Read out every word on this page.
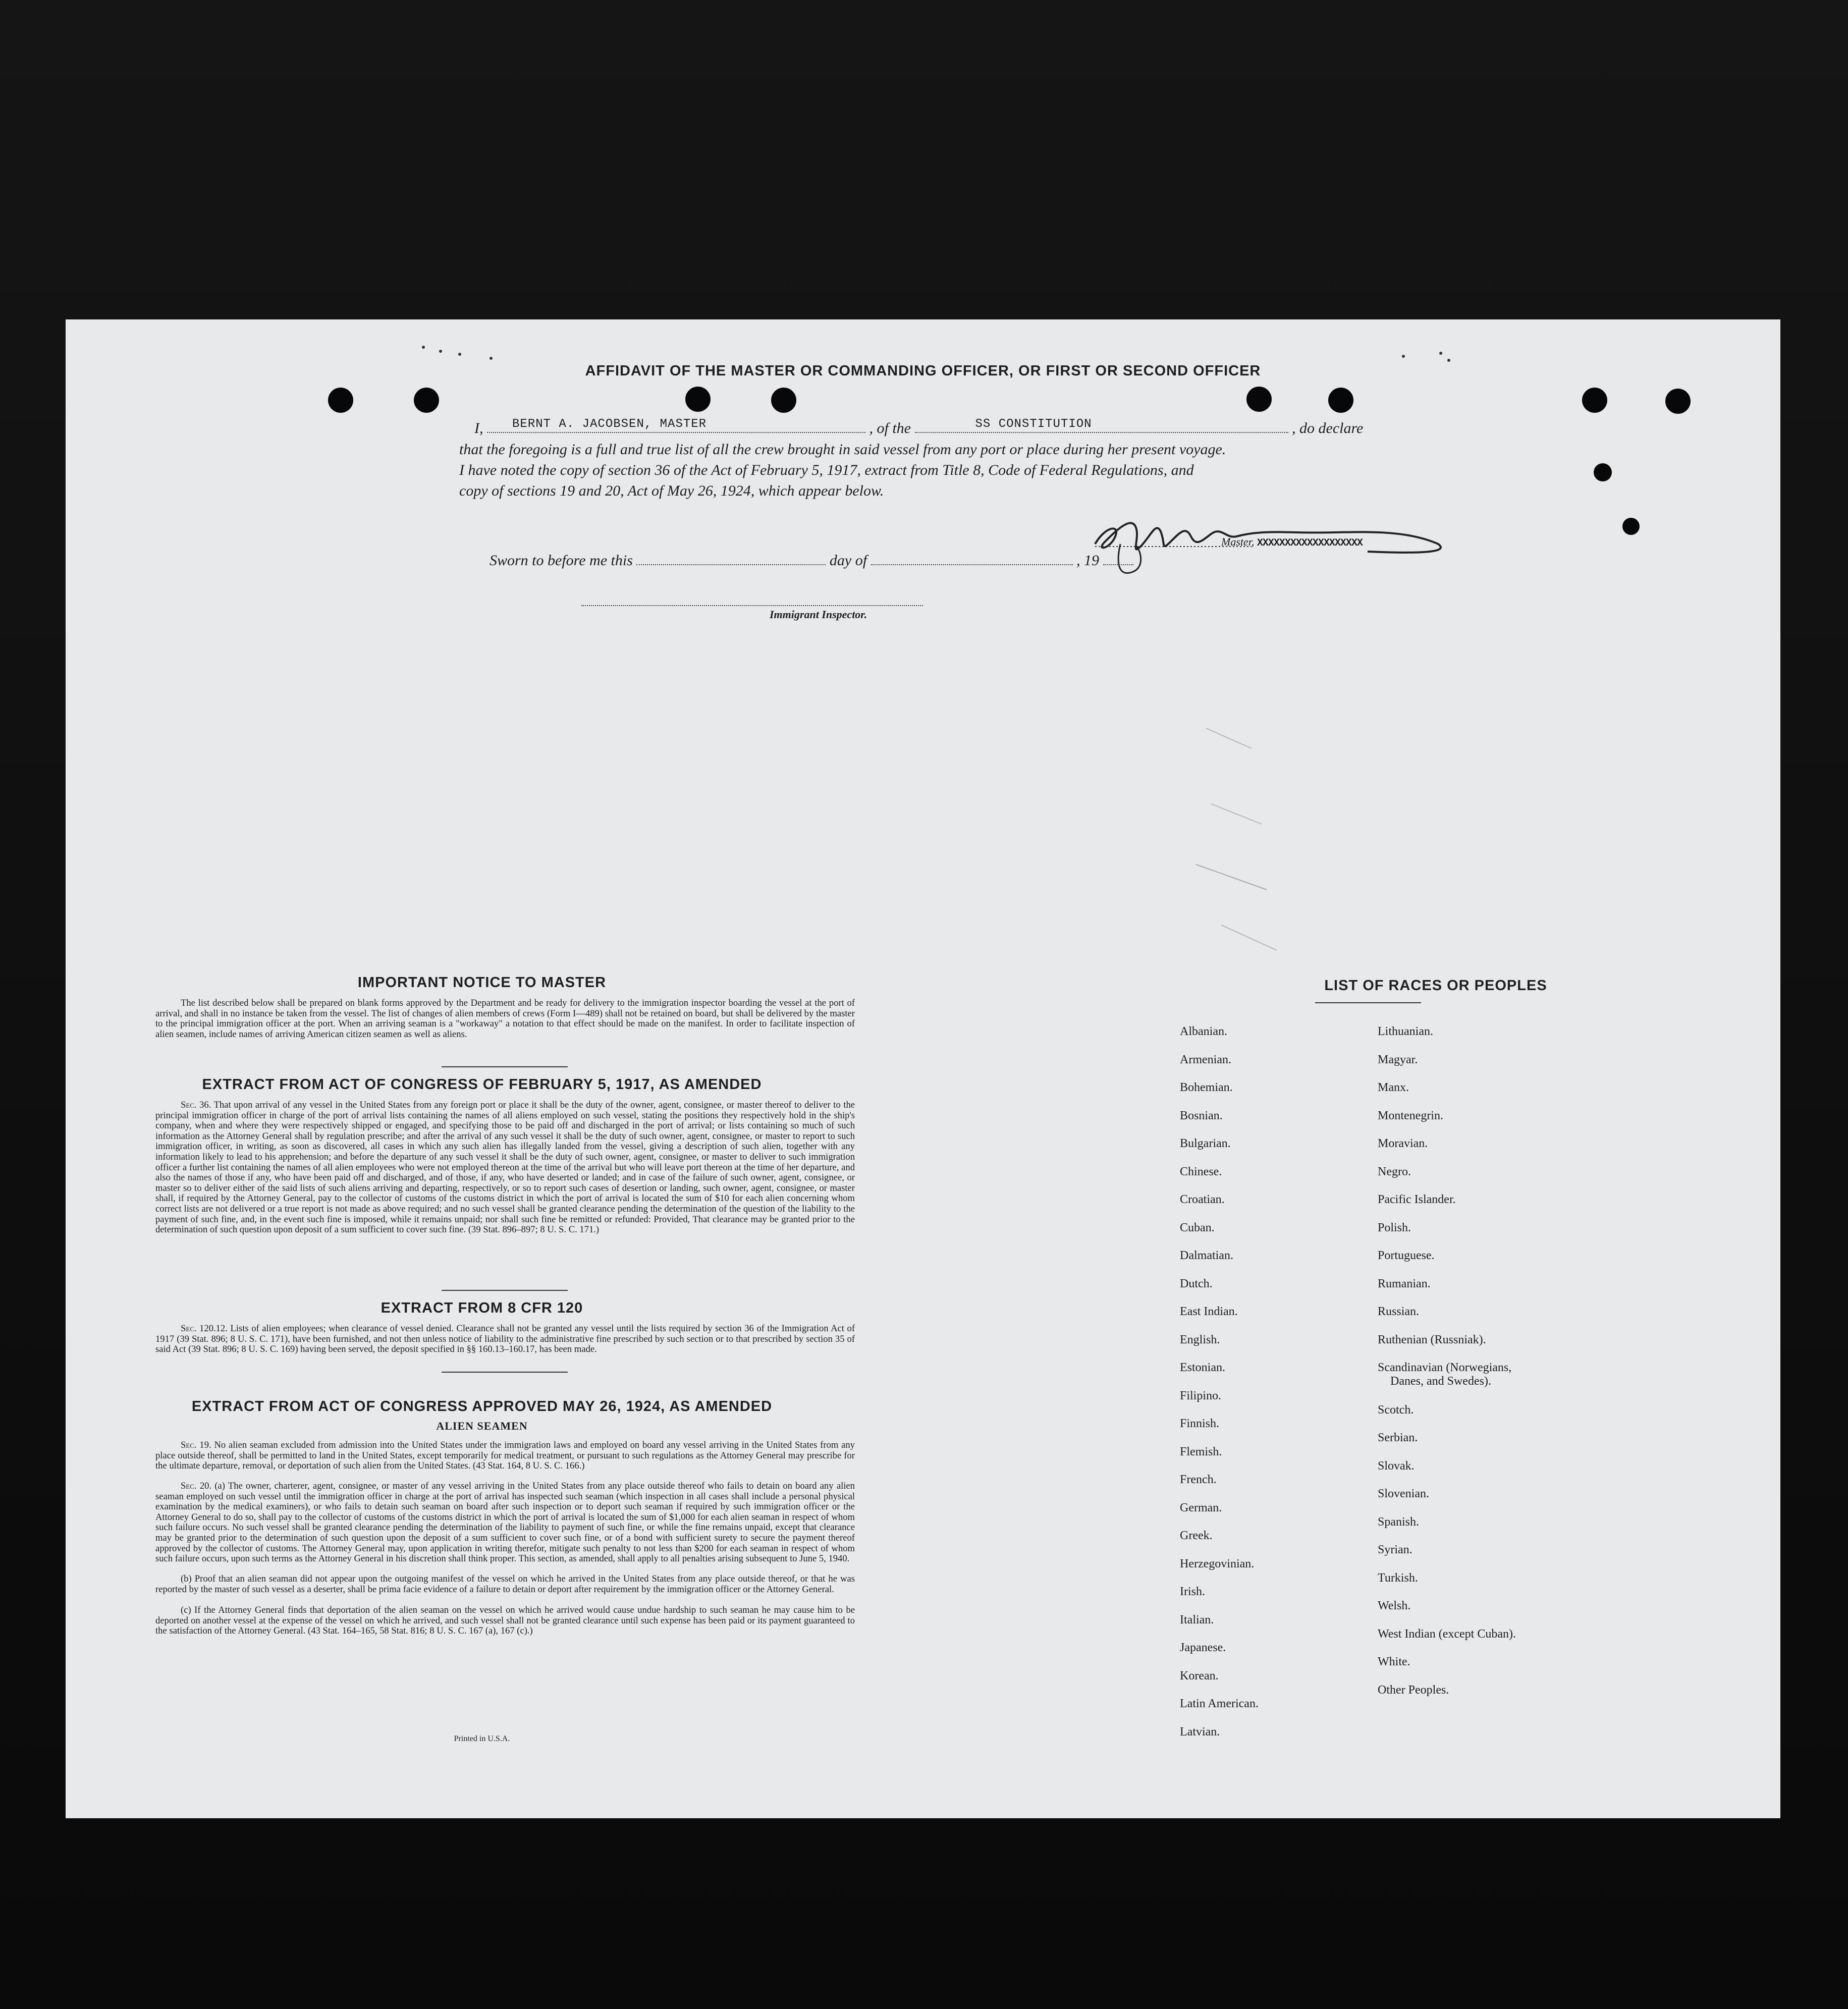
AFFIDAVIT OF THE MASTER OR COMMANDING OFFICER, OR FIRST OR SECOND OFFICER
I, BERNT A. JACOBSEN, MASTER	, of the	SS CONSTITUTION	, do declare
that the foregoing is a full and true list of all the crew brought in said vessel from any port or place during her present voyage.
I have noted the copy of section 36 of the Act of February 5, 1917, extract from Title 8, Code of Federal Regulations, and
copy of sections 19 and 20, Act of May 26, 1924, which appear below.
Master, XXXXXXXXXXXXXXXXXXX
Sworn to before me this	day of	, 19
Immigrant Inspector.
IMPORTANT NOTICE TO MASTER

The list described below shall be prepared on blank forms approved by the Department and be ready for delivery to the immigration inspector boarding the vessel at the port of arrival, and shall in no instance be taken from the vessel. The list of changes of alien members of crews (Form I—489) shall not be retained on board, but shall be delivered by the master to the principal immigration officer at the port. When an arriving seaman is a "workaway" a notation to that effect should be made on the manifest. In order to facilitate inspection of alien seamen, include names of arriving American citizen seamen as well as aliens.

EXTRACT FROM ACT OF CONGRESS OF FEBRUARY 5, 1917, AS AMENDED

Sec. 36. That upon arrival of any vessel in the United States from any foreign port or place it shall be the duty of the owner, agent, consignee, or master thereof to deliver to the principal immigration officer in charge of the port of arrival lists containing the names of all aliens employed on such vessel, stating the positions they respectively hold in the ship's company, when and where they were respectively shipped or engaged, and specifying those to be paid off and discharged in the port of arrival; or lists containing so much of such information as the Attorney General shall by regulation prescribe; and after the arrival of any such vessel it shall be the duty of such owner, agent, consignee, or master to report to such immigration officer, in writing, as soon as discovered, all cases in which any such alien has illegally landed from the vessel, giving a description of such alien, together with any information likely to lead to his apprehension; and before the departure of any such vessel it shall be the duty of such owner, agent, consignee, or master to deliver to such immigration officer a further list containing the names of all alien employees who were not employed thereon at the time of the arrival but who will leave port thereon at the time of her departure, and also the names of those if any, who have been paid off and discharged, and of those, if any, who have deserted or landed; and in case of the failure of such owner, agent, consignee, or master so to deliver either of the said lists of such aliens arriving and departing, respectively, or so to report such cases of desertion or landing, such owner, agent, consignee, or master shall, if required by the Attorney General, pay to the collector of customs of the customs district in which the port of arrival is located the sum of $10 for each alien concerning whom correct lists are not delivered or a true report is not made as above required; and no such vessel shall be granted clearance pending the determination of the question of the liability to the payment of such fine, and, in the event such fine is imposed, while it remains unpaid; nor shall such fine be remitted or refunded: Provided, That clearance may be granted prior to the determination of such question upon deposit of a sum sufficient to cover such fine. (39 Stat. 896–897; 8 U. S. C. 171.)

EXTRACT FROM 8 CFR 120

Sec. 120.12. Lists of alien employees; when clearance of vessel denied. Clearance shall not be granted any vessel until the lists required by section 36 of the Immigration Act of 1917 (39 Stat. 896; 8 U. S. C. 171), have been furnished, and not then unless notice of liability to the administrative fine prescribed by such section or to that prescribed by section 35 of said Act (39 Stat. 896; 8 U. S. C. 169) having been served, the deposit specified in §§ 160.13–160.17, has been made.

EXTRACT FROM ACT OF CONGRESS APPROVED MAY 26, 1924, AS AMENDED
ALIEN SEAMEN

Sec. 19. No alien seaman excluded from admission into the United States under the immigration laws and employed on board any vessel arriving in the United States from any place outside thereof, shall be permitted to land in the United States, except temporarily for medical treatment, or pursuant to such regulations as the Attorney General may prescribe for the ultimate departure, removal, or deportation of such alien from the United States. (43 Stat. 164, 8 U. S. C. 166.)

Sec. 20. (a) The owner, charterer, agent, consignee, or master of any vessel arriving in the United States from any place outside thereof who fails to detain on board any alien seaman employed on such vessel until the immigration officer in charge at the port of arrival has inspected such seaman (which inspection in all cases shall include a personal physical examination by the medical examiners), or who fails to detain such seaman on board after such inspection or to deport such seaman if required by such immigration officer or the Attorney General to do so, shall pay to the collector of customs of the customs district in which the port of arrival is located the sum of $1,000 for each alien seaman in respect of whom such failure occurs. No such vessel shall be granted clearance pending the determination of the liability to payment of such fine, or while the fine remains unpaid, except that clearance may be granted prior to the determination of such question upon the deposit of a sum sufficient to cover such fine, or of a bond with sufficient surety to secure the payment thereof approved by the collector of customs. The Attorney General may, upon application in writing therefor, mitigate such penalty to not less than $200 for each seaman in respect of whom such failure occurs, upon such terms as the Attorney General in his discretion shall think proper. This section, as amended, shall apply to all penalties arising subsequent to June 5, 1940.

(b) Proof that an alien seaman did not appear upon the outgoing manifest of the vessel on which he arrived in the United States from any place outside thereof, or that he was reported by the master of such vessel as a deserter, shall be prima facie evidence of a failure to detain or deport after requirement by the immigration officer or the Attorney General.

(c) If the Attorney General finds that deportation of the alien seaman on the vessel on which he arrived would cause undue hardship to such seaman he may cause him to be deported on another vessel at the expense of the vessel on which he arrived, and such vessel shall not be granted clearance until such expense has been paid or its payment guaranteed to the satisfaction of the Attorney General. (43 Stat. 164–165, 58 Stat. 816; 8 U. S. C. 167 (a), 167 (c).)

Printed in U.S.A.
LIST OF RACES OR PEOPLES
Albanian.
Armenian.
Bohemian.
Bosnian.
Bulgarian.
Chinese.
Croatian.
Cuban.
Dalmatian.
Dutch.
East Indian.
English.
Estonian.
Filipino.
Finnish.
Flemish.
French.
German.
Greek.
Herzegovinian.
Irish.
Italian.
Japanese.
Korean.
Latin American.
Latvian.
Lithuanian.
Magyar.
Manx.
Montenegrin.
Moravian.
Negro.
Pacific Islander.
Polish.
Portuguese.
Rumanian.
Russian.
Ruthenian (Russniak).
Scandinavian (Norwegians,
Danes, and Swedes).
Scotch.
Serbian.
Slovak.
Slovenian.
Spanish.
Syrian.
Turkish.
Welsh.
West Indian (except Cuban).
White.
Other Peoples.
